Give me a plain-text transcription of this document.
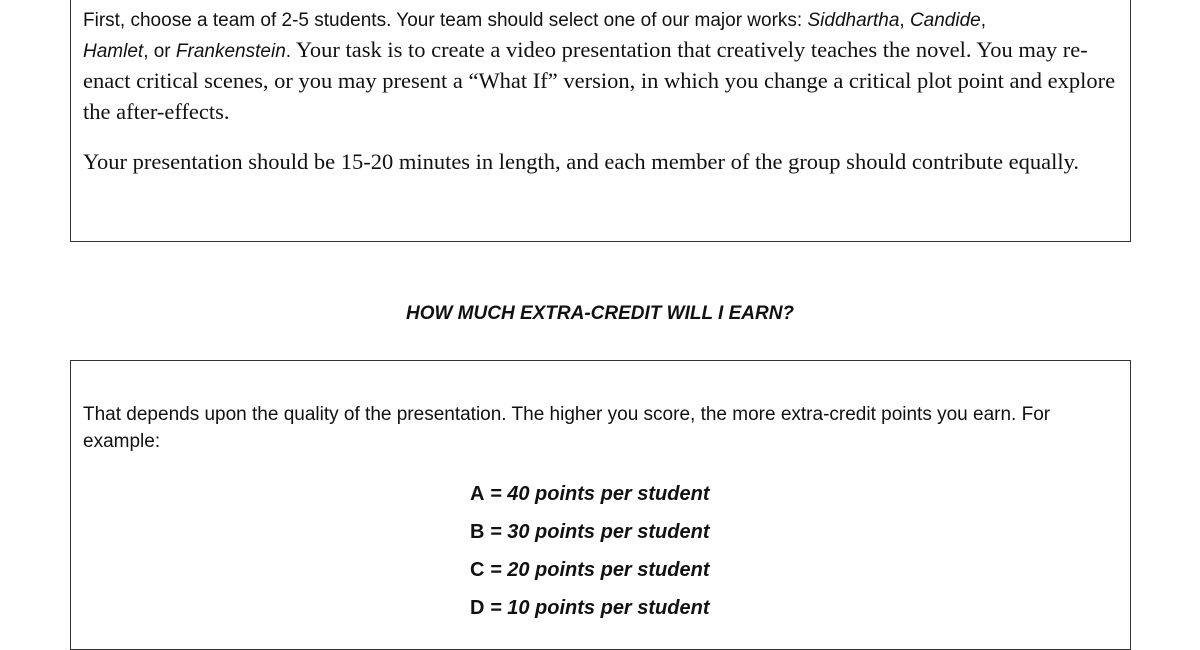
First, choose a team of 2-5 students. Your team should select one of our major works: Siddhartha, Candide,
Hamlet, or Frankenstein. Your task is to create a video presentation that creatively teaches the novel. You may re-enact critical scenes, or you may present a “What If” version, in which you change a critical plot point and explore the after-effects.

Your presentation should be 15-20 minutes in length, and each member of the group should contribute equally.

HOW MUCH EXTRA-CREDIT WILL I EARN?

That depends upon the quality of the presentation. The higher you score, the more extra-credit points you earn. For example:

A = 40 points per student
B = 30 points per student
C = 20 points per student
D = 10 points per student
